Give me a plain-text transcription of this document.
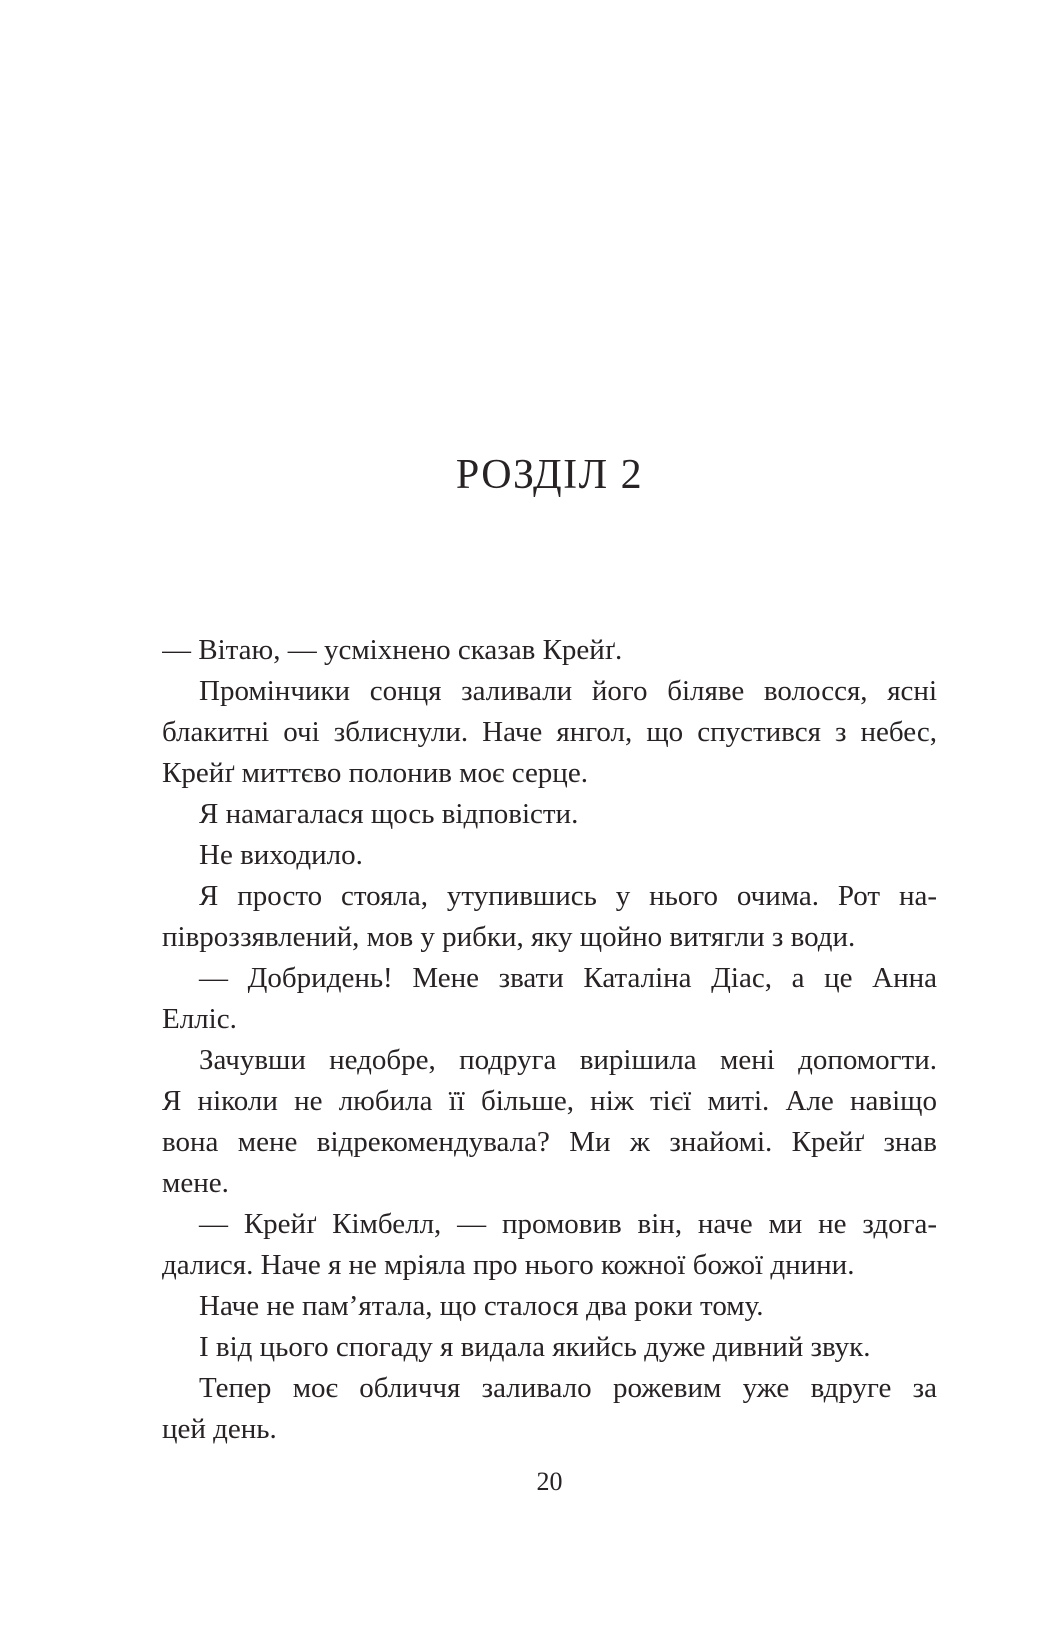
РОЗДІЛ 2
— Вітаю, — усміхнено сказав Крейґ.
Промінчики сонця заливали його біляве волосся, ясні
блакитні очі зблиснули. Наче янгол, що спустився з небес,
Крейґ миттєво полонив моє серце.
Я намагалася щось відповісти.
Не виходило.
Я просто стояла, утупившись у нього очима. Рот на-
півроззявлений, мов у рибки, яку щойно витягли з води.
— Добридень! Мене звати Каталіна Діас, а це Анна
Елліс.
Зачувши недобре, подруга вирішила мені допомогти.
Я ніколи не любила її більше, ніж тієї миті. Але навіщо
вона мене відрекомендувала? Ми ж знайомі. Крейґ знав
мене.
— Крейґ Кімбелл, — промовив він, наче ми не здога-
далися. Наче я не мріяла про нього кожної божої днини.
Наче не пам’ятала, що сталося два роки тому.
І від цього спогаду я видала якийсь дуже дивний звук.
Тепер моє обличчя заливало рожевим уже вдруге за
цей день.
20
